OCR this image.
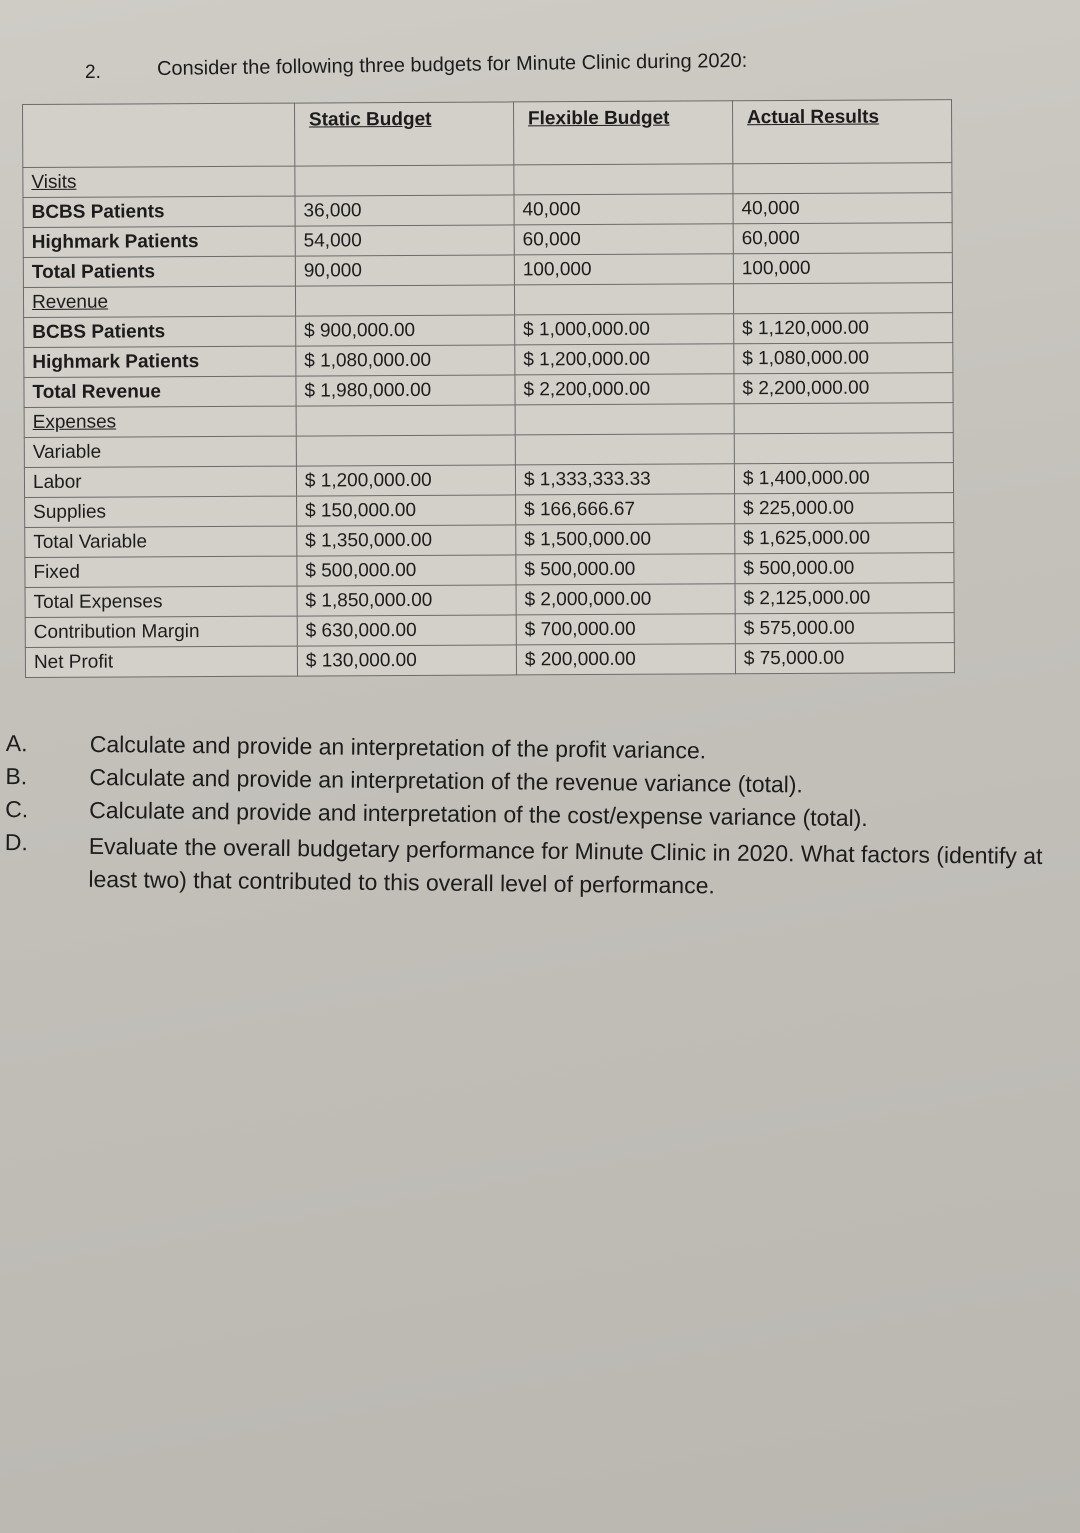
2.	Consider the following three budgets for Minute Clinic during 2020:
	Static Budget	Flexible Budget	Actual Results
Visits			
BCBS Patients	36,000	40,000	40,000
Highmark Patients	54,000	60,000	60,000
Total Patients	90,000	100,000	100,000
Revenue			
BCBS Patients	$ 900,000.00	$ 1,000,000.00	$ 1,120,000.00
Highmark Patients	$ 1,080,000.00	$ 1,200,000.00	$ 1,080,000.00
Total Revenue	$ 1,980,000.00	$ 2,200,000.00	$ 2,200,000.00
Expenses			
Variable			
Labor	$ 1,200,000.00	$ 1,333,333.33	$ 1,400,000.00
Supplies	$ 150,000.00	$ 166,666.67	$ 225,000.00
Total Variable	$ 1,350,000.00	$ 1,500,000.00	$ 1,625,000.00
Fixed	$ 500,000.00	$ 500,000.00	$ 500,000.00
Total Expenses	$ 1,850,000.00	$ 2,000,000.00	$ 2,125,000.00
Contribution Margin	$ 630,000.00	$ 700,000.00	$ 575,000.00
Net Profit	$ 130,000.00	$ 200,000.00	$ 75,000.00
A.	Calculate and provide an interpretation of the profit variance.
B.	Calculate and provide an interpretation of the revenue variance (total).
C.	Calculate and provide and interpretation of the cost/expense variance (total).
D.	Evaluate the overall budgetary performance for Minute Clinic in 2020. What factors (identify at least two) that contributed to this overall level of performance.
